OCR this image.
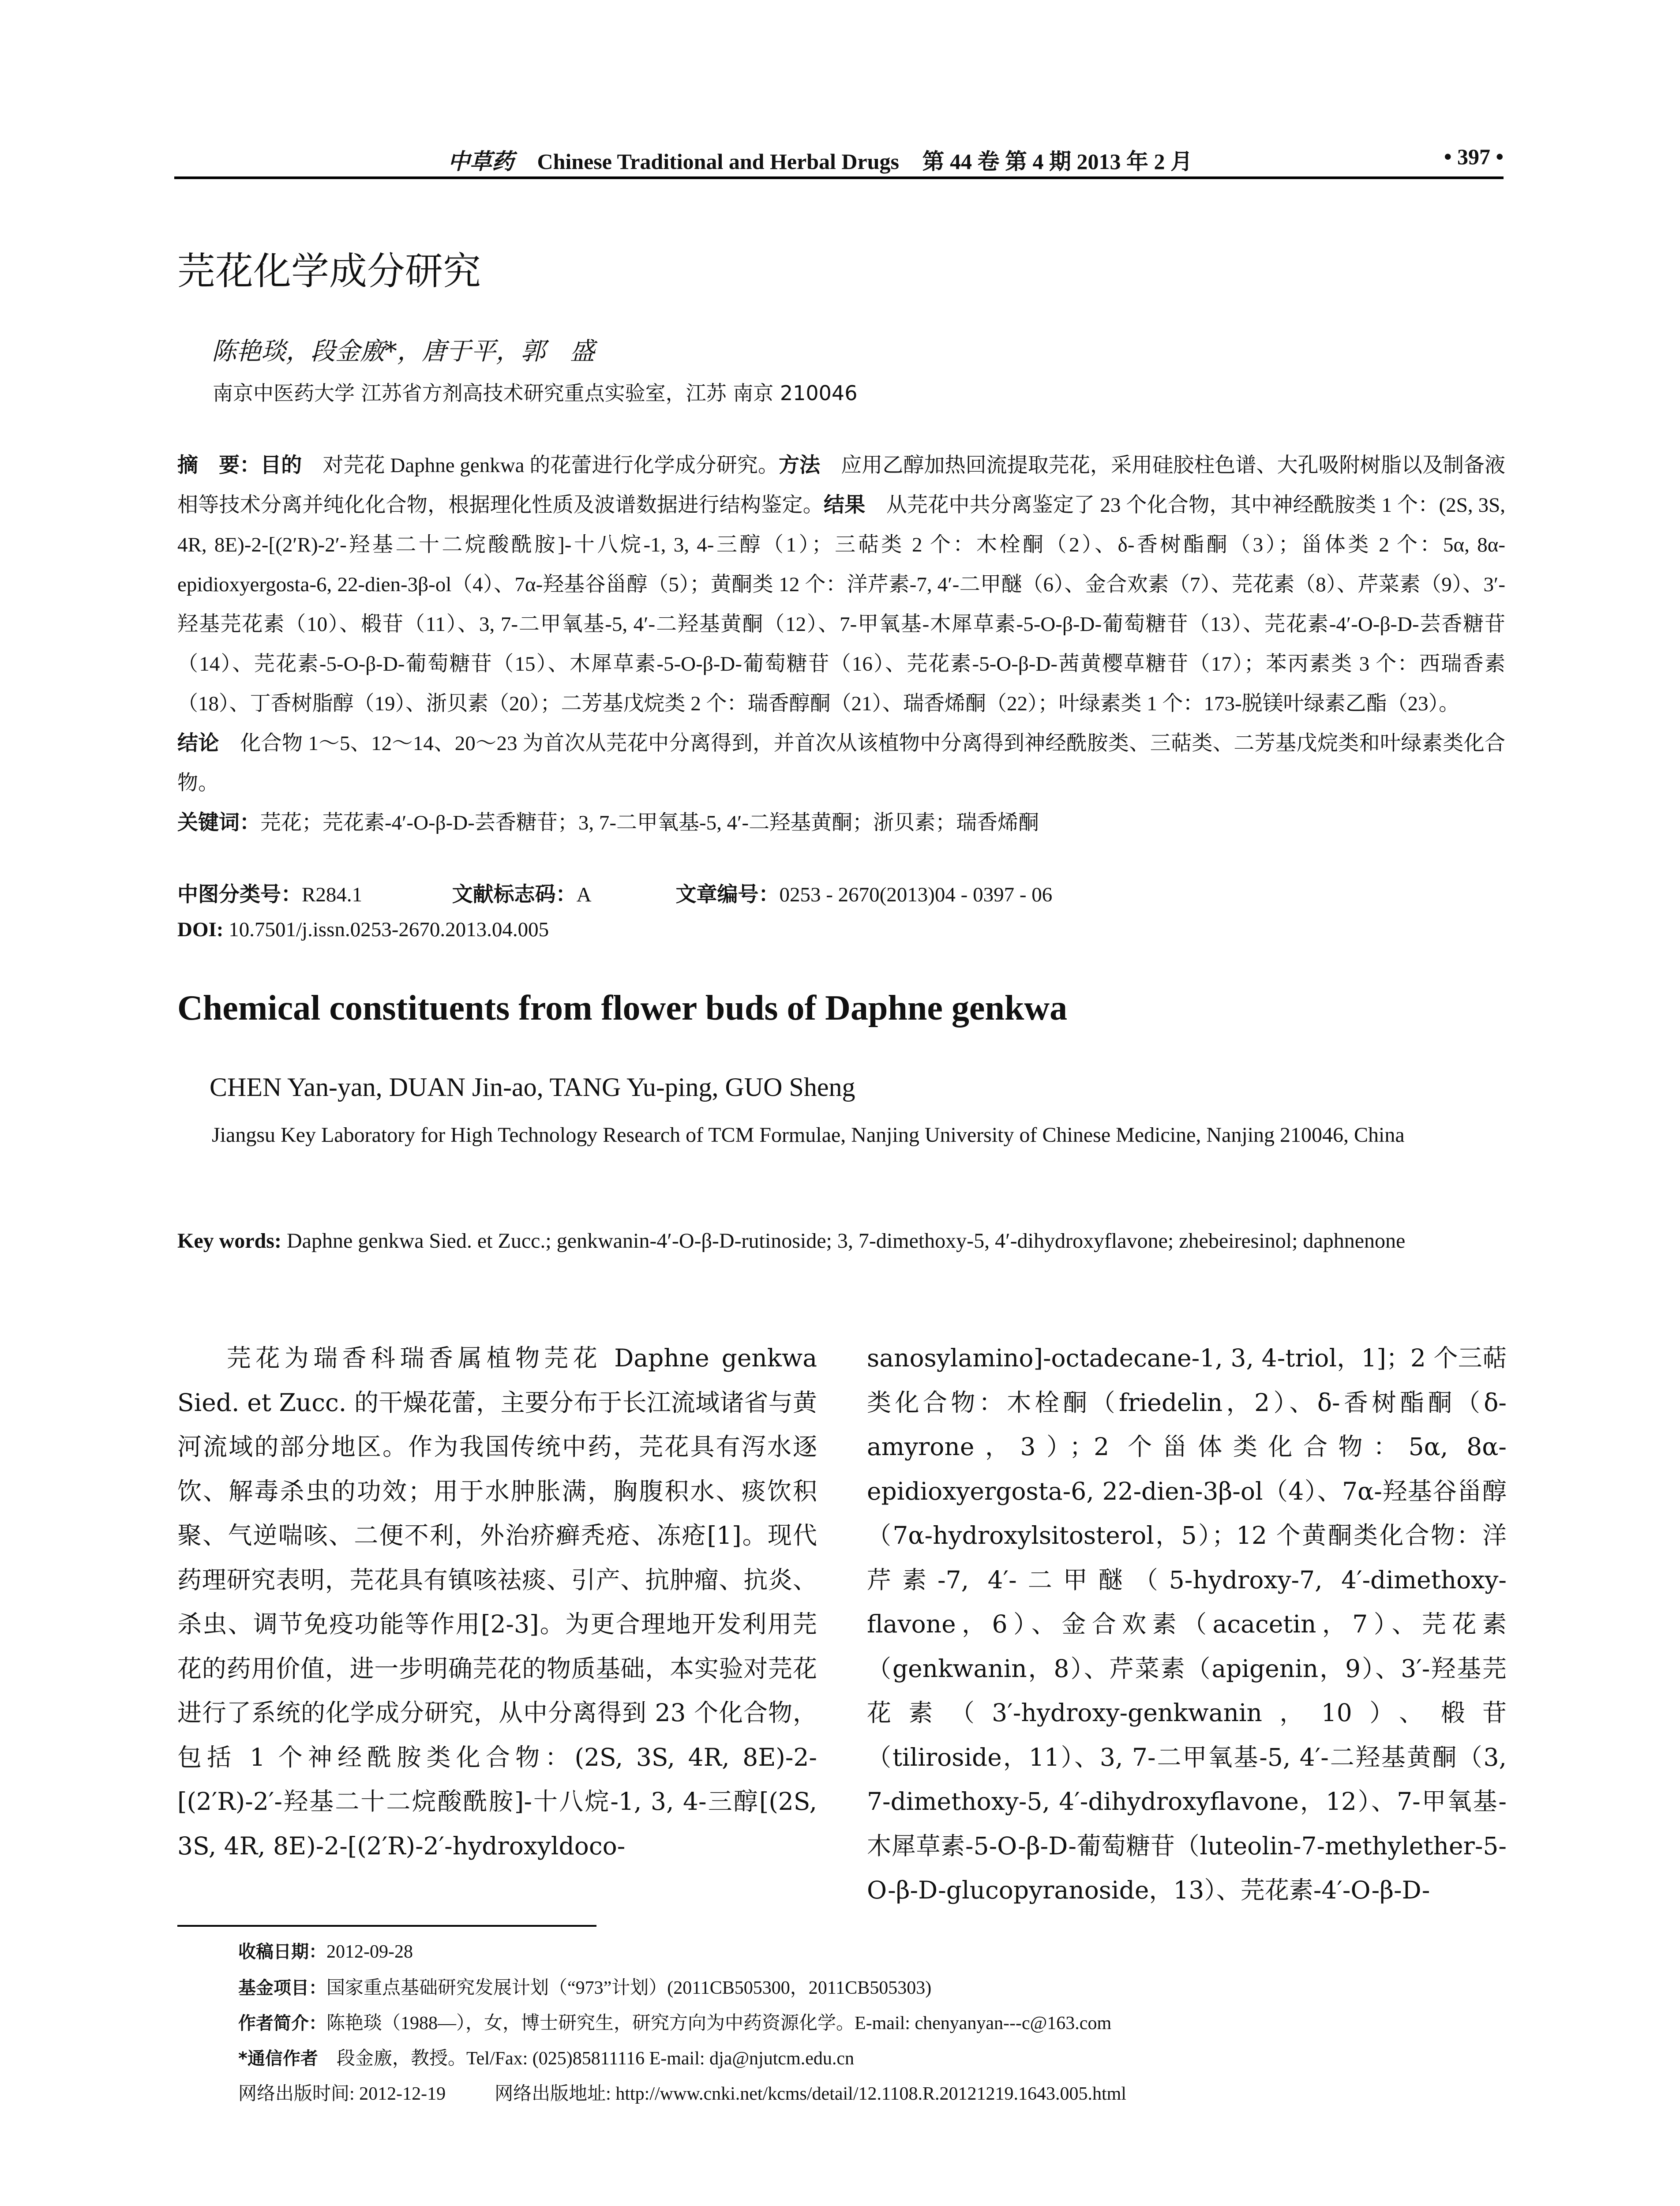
中草药 Chinese Traditional and Herbal Drugs 第 44 卷 第 4 期 2013 年 2 月	• 397 •
芫花化学成分研究
陈艳琰，段金廒*，唐于平，郭　盛
南京中医药大学 江苏省方剂高技术研究重点实验室，江苏 南京 210046
摘　要：目的　 对芫花 Daphne genkwa 的花蕾进行化学成分研究。方法　 应用乙醇加热回流提取芫花，采用硅胶柱色谱、大孔吸附树脂以及制备液相等技术分离并纯化化合物，根据理化性质及波谱数据进行结构鉴定。结果　 从芫花中共分离鉴定了 23 个化合物，其中神经酰胺类 1 个：(2S, 3S, 4R, 8E)-2-[(2′R)-2′-羟基二十二烷酸酰胺]-十八烷-1, 3, 4-三醇（1）；三萜类 2 个：木栓酮（2）、δ-香树酯酮（3）；甾体类 2 个：5α, 8α-epidioxyergosta-6, 22-dien-3β-ol（4）、7α-羟基谷甾醇（5）；黄酮类 12 个：洋芹素-7, 4′-二甲醚（6）、金合欢素（7）、芫花素（8）、芹菜素（9）、3′-羟基芫花素（10）、椴苷（11）、3, 7-二甲氧基-5, 4′-二羟基黄酮（12）、7-甲氧基-木犀草素-5-O-β-D-葡萄糖苷（13）、芫花素-4′-O-β-D-芸香糖苷（14）、芫花素-5-O-β-D-葡萄糖苷（15）、木犀草素-5-O-β-D-葡萄糖苷（16）、芫花素-5-O-β-D-茜黄樱草糖苷（17）；苯丙素类 3 个：西瑞香素（18）、丁香树脂醇（19）、浙贝素（20）；二芳基戊烷类 2 个：瑞香醇酮（21）、瑞香烯酮（22）；叶绿素类 1 个：173-脱镁叶绿素乙酯（23）。
结论　 化合物 1～5、12～14、20～23 为首次从芫花中分离得到，并首次从该植物中分离得到神经酰胺类、三萜类、二芳基戊烷类和叶绿素类化合物。
关键词：芫花；芫花素-4′-O-β-D-芸香糖苷；3, 7-二甲氧基-5, 4′-二羟基黄酮；浙贝素；瑞香烯酮
中图分类号：R284.1	文献标志码：A	文章编号：0253 - 2670(2013)04 - 0397 - 06
DOI: 10.7501/j.issn.0253-2670.2013.04.005
Chemical constituents from flower buds of Daphne genkwa
CHEN Yan-yan, DUAN Jin-ao, TANG Yu-ping, GUO Sheng
Jiangsu Key Laboratory for High Technology Research of TCM Formulae, Nanjing University of Chinese Medicine, Nanjing 210046, China
Key words: Daphne genkwa Sied. et Zucc.; genkwanin-4′-O-β-D-rutinoside; 3, 7-dimethoxy-5, 4′-dihydroxyflavone; zhebeiresinol; daphnenone
芫花为瑞香科瑞香属植物芫花 Daphne genkwa Sied. et Zucc. 的干燥花蕾，主要分布于长江流域诸省与黄河流域的部分地区。作为我国传统中药，芫花具有泻水逐饮、解毒杀虫的功效；用于水肿胀满，胸腹积水、痰饮积聚、气逆喘咳、二便不利，外治疥癣秃疮、冻疮[1]。现代药理研究表明，芫花具有镇咳祛痰、引产、抗肿瘤、抗炎、杀虫、调节免疫功能等作用[2-3]。为更合理地开发利用芫花的药用价值，进一步明确芫花的物质基础，本实验对芫花进行了系统的化学成分研究，从中分离得到 23 个化合物，包括 1 个神经酰胺类化合物：(2S, 3S, 4R, 8E)-2-[(2′R)-2′-羟基二十二烷酸酰胺]-十八烷-1, 3, 4-三醇[(2S, 3S, 4R, 8E)-2-[(2′R)-2′-hydroxyldoco-
sanosylamino]-octadecane-1, 3, 4-triol，1]；2 个三萜类化合物：木栓酮（friedelin，2）、δ-香树酯酮（δ-amyrone，3）；2 个甾体类化合物：5α, 8α-epidioxyergosta-6, 22-dien-3β-ol（4）、7α-羟基谷甾醇（7α-hydroxylsitosterol，5）；12 个黄酮类化合物：洋芹素-7, 4′-二甲醚（5-hydroxy-7, 4′-dimethoxy-flavone，6）、金合欢素（acacetin，7）、芫花素（genkwanin，8）、芹菜素（apigenin，9）、3′-羟基芫花素（3′-hydroxy-genkwanin，10）、椴苷（tiliroside，11）、3, 7-二甲氧基-5, 4′-二羟基黄酮（3, 7-dimethoxy-5, 4′-dihydroxyflavone，12）、7-甲氧基-木犀草素-5-O-β-D-葡萄糖苷（luteolin-7-methylether-5-O-β-D-glucopyranoside，13）、芫花素-4′-O-β-D-
收稿日期：2012-09-28
基金项目：国家重点基础研究发展计划（“973”计划）(2011CB505300，2011CB505303)
作者简介：陈艳琰（1988—），女，博士研究生，研究方向为中药资源化学。E-mail: chenyanyan---c@163.com
*通信作者　 段金廒，教授。Tel/Fax: (025)85811116 E-mail: dja@njutcm.edu.cn
网络出版时间: 2012-12-19	网络出版地址: http://www.cnki.net/kcms/detail/12.1108.R.20121219.1643.005.html
